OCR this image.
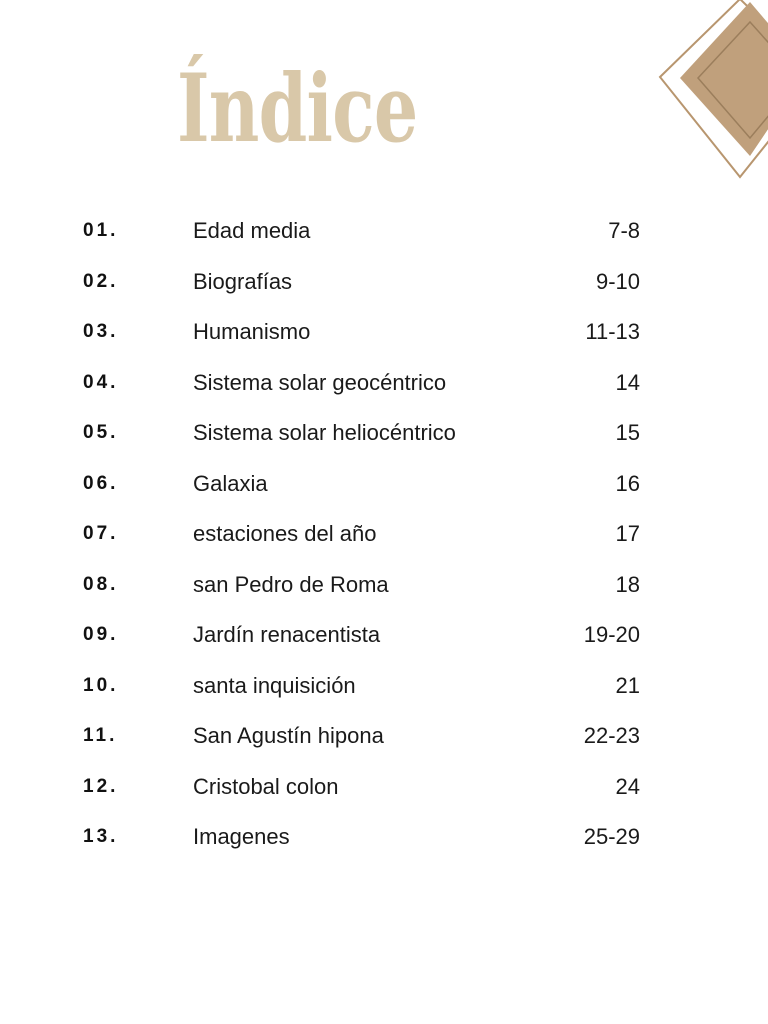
Índice
01.	Edad media	7-8
02.	Biografías	9-10
03.	Humanismo	11-13
04.	Sistema solar geocéntrico	14
05.	Sistema solar heliocéntrico	15
06.	Galaxia	16
07.	estaciones del año	17
08.	san Pedro de Roma	18
09.	Jardín renacentista	19-20
10.	santa inquisición	21
11.	San Agustín hipona	22-23
12.	Cristobal colon	24
13.	Imagenes	25-29
